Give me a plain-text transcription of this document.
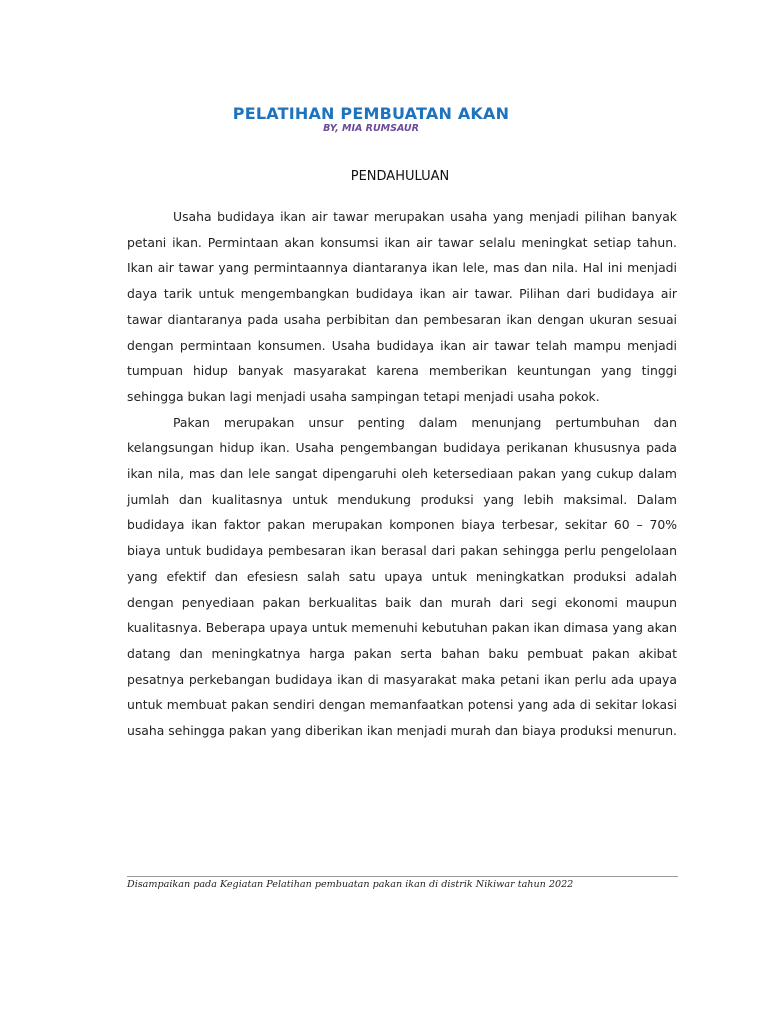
PELATIHAN PEMBUATAN AKAN
BY, MIA RUMSAUR
PENDAHULUAN

Usaha budidaya ikan air tawar merupakan usaha yang menjadi pilihan banyak petani ikan. Permintaan akan konsumsi ikan air tawar selalu meningkat setiap tahun. Ikan air tawar yang permintaannya diantaranya ikan lele, mas dan nila. Hal ini menjadi daya tarik untuk mengembangkan budidaya ikan air tawar. Pilihan dari budidaya air tawar diantaranya pada usaha perbibitan dan pembesaran ikan dengan ukuran sesuai dengan permintaan konsumen. Usaha budidaya ikan air tawar telah mampu menjadi tumpuan hidup banyak masyarakat karena memberikan keuntungan yang tinggi sehingga bukan lagi menjadi usaha sampingan tetapi menjadi usaha pokok.

Pakan merupakan unsur penting dalam menunjang pertumbuhan dan kelangsungan hidup ikan. Usaha pengembangan budidaya perikanan khususnya pada ikan nila, mas dan lele sangat dipengaruhi oleh ketersediaan pakan yang cukup dalam jumlah dan kualitasnya untuk mendukung produksi yang lebih maksimal. Dalam budidaya ikan faktor pakan merupakan komponen biaya terbesar, sekitar 60 – 70% biaya untuk budidaya pembesaran ikan berasal dari pakan sehingga perlu pengelolaan yang efektif dan efesiesn salah satu upaya untuk meningkatkan produksi adalah dengan penyediaan pakan berkualitas baik dan murah dari segi ekonomi maupun kualitasnya. Beberapa upaya untuk memenuhi kebutuhan pakan ikan dimasa yang akan datang dan meningkatnya harga pakan serta bahan baku pembuat pakan akibat pesatnya perkebangan budidaya ikan di masyarakat maka petani ikan perlu ada upaya untuk membuat pakan sendiri dengan memanfaatkan potensi yang ada di sekitar lokasi usaha sehingga pakan yang diberikan ikan menjadi murah dan biaya produksi menurun.

Disampaikan pada Kegiatan Pelatihan pembuatan pakan ikan di distrik Nikiwar tahun 2022
